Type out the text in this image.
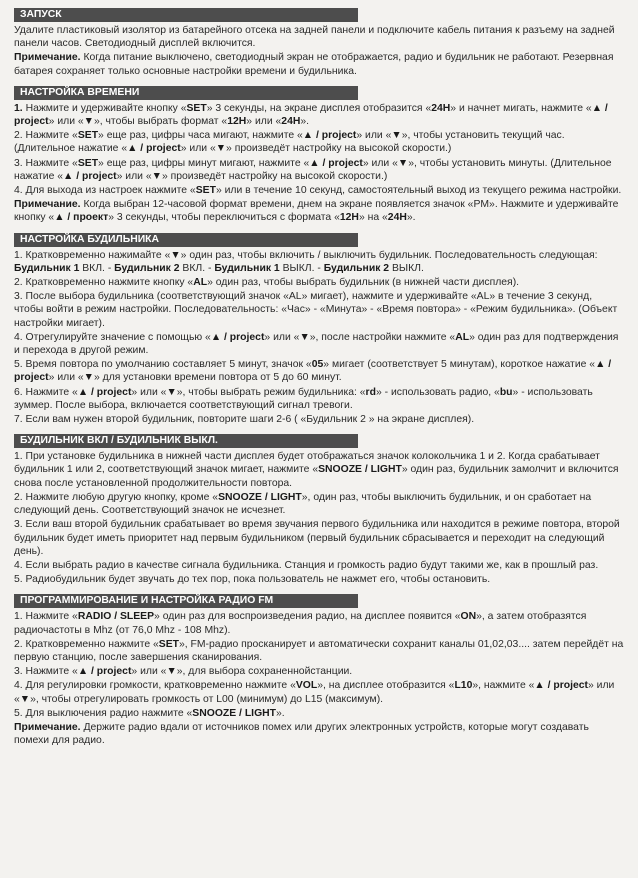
ЗАПУСК
Удалите пластиковый изолятор из батарейного отсека на задней панели и подключите кабель питания к разъему на задней панели часов. Светодиодный дисплей включится.
Примечание. Когда питание выключено, светодиодный экран не отображается, радио и будильник не работают. Резервная батарея сохраняет только основные настройки времени и будильника.
НАСТРОЙКА ВРЕМЕНИ
1. Нажмите и удерживайте кнопку «SET» 3 секунды, на экране дисплея отобразится «24H» и начнет мигать, нажмите «▲ / project» или «▼», чтобы выбрать формат «12H» или «24H».
2. Нажмите «SET» еще раз, цифры часа мигают, нажмите «▲ / project» или «▼», чтобы установить текущий час. (Длительное нажатие «▲ / project» или «▼» произведёт настройку на высокой скорости.)
3. Нажмите «SET» еще раз, цифры минут мигают, нажмите «▲ / project» или «▼», чтобы установить минуты. (Длительное нажатие «▲ / project» или «▼» произведёт настройку на высокой скорости.)
4. Для выхода из настроек нажмите «SET» или в течение 10 секунд, самостоятельный выход из текущего режима настройки.
Примечание. Когда выбран 12-часовой формат времени, днем на экране появляется значок «PM». Нажмите и удерживайте кнопку «▲ / проект» 3 секунды, чтобы переключиться с формата «12H» на «24H».
НАСТРОЙКА БУДИЛЬНИКА
1. Кратковременно нажимайте «▼» один раз, чтобы включить / выключить будильник. Последовательность следующая: Будильник 1 ВКЛ. - Будильник 2 ВКЛ. - Будильник 1 ВЫКЛ. - Будильник 2 ВЫКЛ.
2. Кратковременно нажмите кнопку «AL» один раз, чтобы выбрать будильник (в нижней части дисплея).
3. После выбора будильника (соответствующий значок «AL» мигает), нажмите и удерживайте «AL» в течение 3 секунд, чтобы войти в режим настройки. Последовательность: «Час» - «Минута» - «Время повтора» - «Режим будильника». (Объект настройки мигает).
4. Отрегулируйте значение с помощью «▲ / project» или «▼», после настройки нажмите «AL» один раз для подтверждения и перехода в другой режим.
5. Время повтора по умолчанию составляет 5 минут, значок «05» мигает (соответствует 5 минутам), короткое нажатие «▲ / project» или «▼» для установки времени повтора от 5 до 60 минут.
6. Нажмите «▲ / project» или «▼», чтобы выбрать режим будильника: «rd» - использовать радио, «bu» - использовать зуммер. После выбора, включается соответствующий сигнал тревоги.
7. Если вам нужен второй будильник, повторите шаги 2-6 ( «Будильник 2 » на экране дисплея).
БУДИЛЬНИК ВКЛ / БУДИЛЬНИК ВЫКЛ.
1. При установке будильника в нижней части дисплея будет отображаться значок колокольчика 1 и 2. Когда срабатывает будильник 1 или 2, соответствующий значок мигает, нажмите «SNOOZE / LIGHT» один раз, будильник замолчит и включится снова после установленной продолжительности повтора.
2. Нажмите любую другую кнопку, кроме «SNOOZE / LIGHT», один раз, чтобы выключить будильник, и он сработает на следующий день. Соответствующий значок не исчезнет.
3. Если ваш второй будильник срабатывает во время звучания первого будильника или находится в режиме повтора, второй будильник будет иметь приоритет над первым будильником (первый будильник сбрасывается и переходит на следующий день).
4. Если выбрать радио в качестве сигнала будильника. Станция и громкость радио будут такими же, как в прошлый раз.
5. Радиобудильник будет звучать до тех пор, пока пользователь не нажмет его, чтобы остановить.
ПРОГРАММИРОВАНИЕ И НАСТРОЙКА РАДИО FM
1. Нажмите «RADIO / SLEEP» один раз для воспроизведения радио, на дисплее появится «ON», а затем отобразятся радиочастоты в Mhz (от 76,0 Mhz - 108 Mhz).
2. Кратковременно нажмите «SET», FM-радио просканирует и автоматически сохранит каналы 01,02,03.... затем перейдёт на первую станцию, после завершения сканирования.
3. Нажмите «▲ / project» или «▼», для выбора сохраненнойстанции.
4. Для регулировки громкости, кратковременно нажмите «VOL», на дисплее отобразится «L10», нажмите «▲ / project» или «▼», чтобы отрегулировать громкость от L00 (минимум) до L15 (максимум).
5. Для выключения радио нажмите «SNOOZE / LIGHT».
Примечание. Держите радио вдали от источников помех или других электронных устройств, которые могут создавать помехи для радио.
